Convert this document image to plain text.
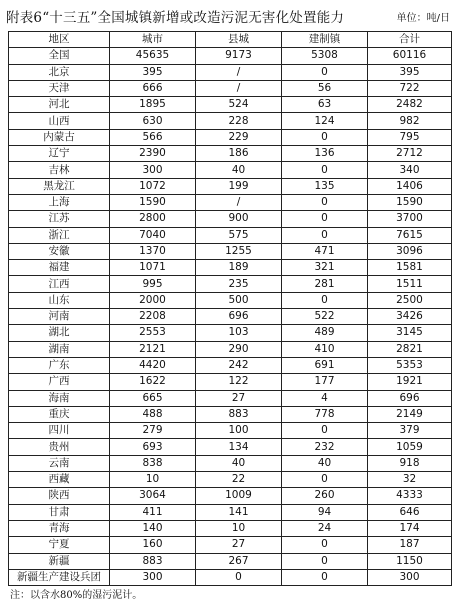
附表6“十三五”全国城镇新增或改造污泥无害化处置能力	单位：吨/日
地区	城市	县城	建制镇	合计
全国	45635	9173	5308	60116
北京	395	/	0	395
天津	666	/	56	722
河北	1895	524	63	2482
山西	630	228	124	982
内蒙古	566	229	0	795
辽宁	2390	186	136	2712
吉林	300	40	0	340
黑龙江	1072	199	135	1406
上海	1590	/	0	1590
江苏	2800	900	0	3700
浙江	7040	575	0	7615
安徽	1370	1255	471	3096
福建	1071	189	321	1581
江西	995	235	281	1511
山东	2000	500	0	2500
河南	2208	696	522	3426
湖北	2553	103	489	3145
湖南	2121	290	410	2821
广东	4420	242	691	5353
广西	1622	122	177	1921
海南	665	27	4	696
重庆	488	883	778	2149
四川	279	100	0	379
贵州	693	134	232	1059
云南	838	40	40	918
西藏	10	22	0	32
陕西	3064	1009	260	4333
甘肃	411	141	94	646
青海	140	10	24	174
宁夏	160	27	0	187
新疆	883	267	0	1150
新疆生产建设兵团	300	0	0	300
注：以含水80%的湿污泥计。
